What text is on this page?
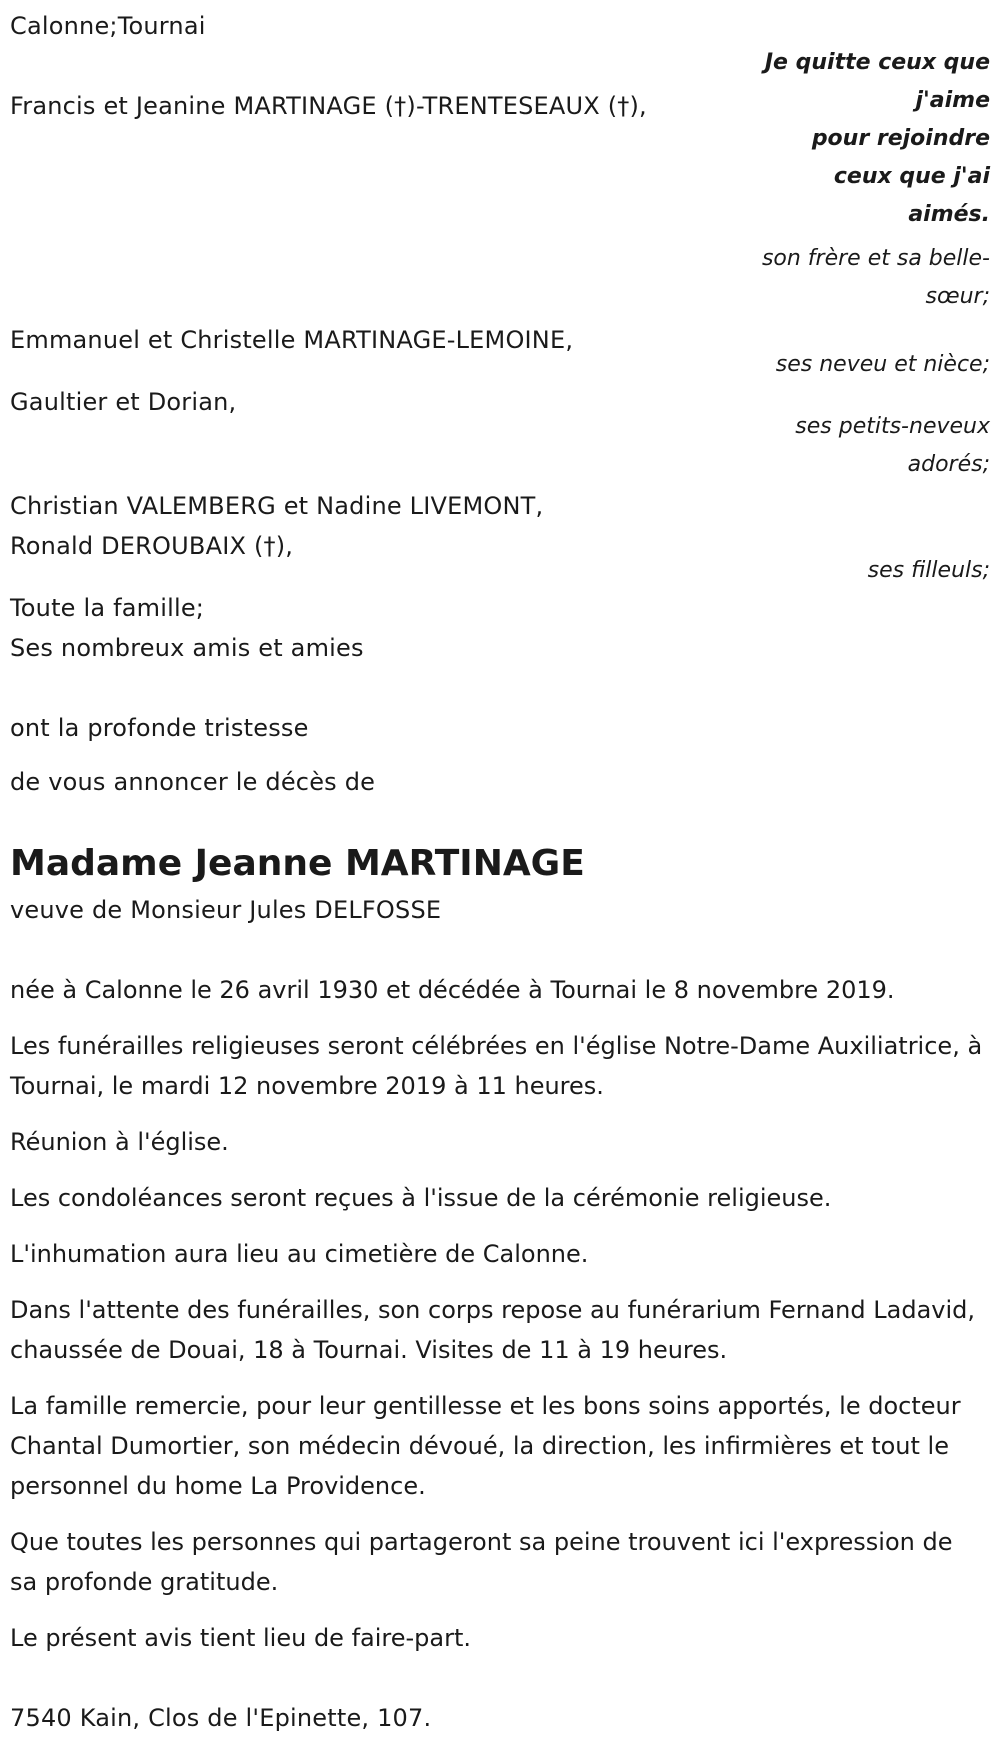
Calonne;Tournai
Je quitte ceux que
j'aime
pour rejoindre
ceux que j'ai
aimés.
Francis et Jeanine MARTINAGE (†)-TRENTESEAUX (†),
son frère et sa belle-sœur;
Emmanuel et Christelle MARTINAGE-LEMOINE,
ses neveu et nièce;
Gaultier et Dorian,
ses petits-neveux adorés;
Christian VALEMBERG et Nadine LIVEMONT,
Ronald DEROUBAIX (†),
ses filleuls;
Toute la famille;
Ses nombreux amis et amies
ont la profonde tristesse
de vous annoncer le décès de
Madame Jeanne MARTINAGE
veuve de Monsieur Jules DELFOSSE
née à Calonne le 26 avril 1930 et décédée à Tournai le 8 novembre 2019.
Les funérailles religieuses seront célébrées en l'église Notre-Dame Auxiliatrice, à Tournai, le mardi 12 novembre 2019 à 11 heures.
Réunion à l'église.
Les condoléances seront reçues à l'issue de la cérémonie religieuse.
L'inhumation aura lieu au cimetière de Calonne.
Dans l'attente des funérailles, son corps repose au funérarium Fernand Ladavid, chaussée de Douai, 18 à Tournai. Visites de 11 à 19 heures.
La famille remercie, pour leur gentillesse et les bons soins apportés, le docteur Chantal Dumortier, son médecin dévoué, la direction, les infirmières et tout le personnel du home La Providence.
Que toutes les personnes qui partageront sa peine trouvent ici l'expression de sa profonde gratitude.
Le présent avis tient lieu de faire-part.
7540 Kain, Clos de l'Epinette, 107.
